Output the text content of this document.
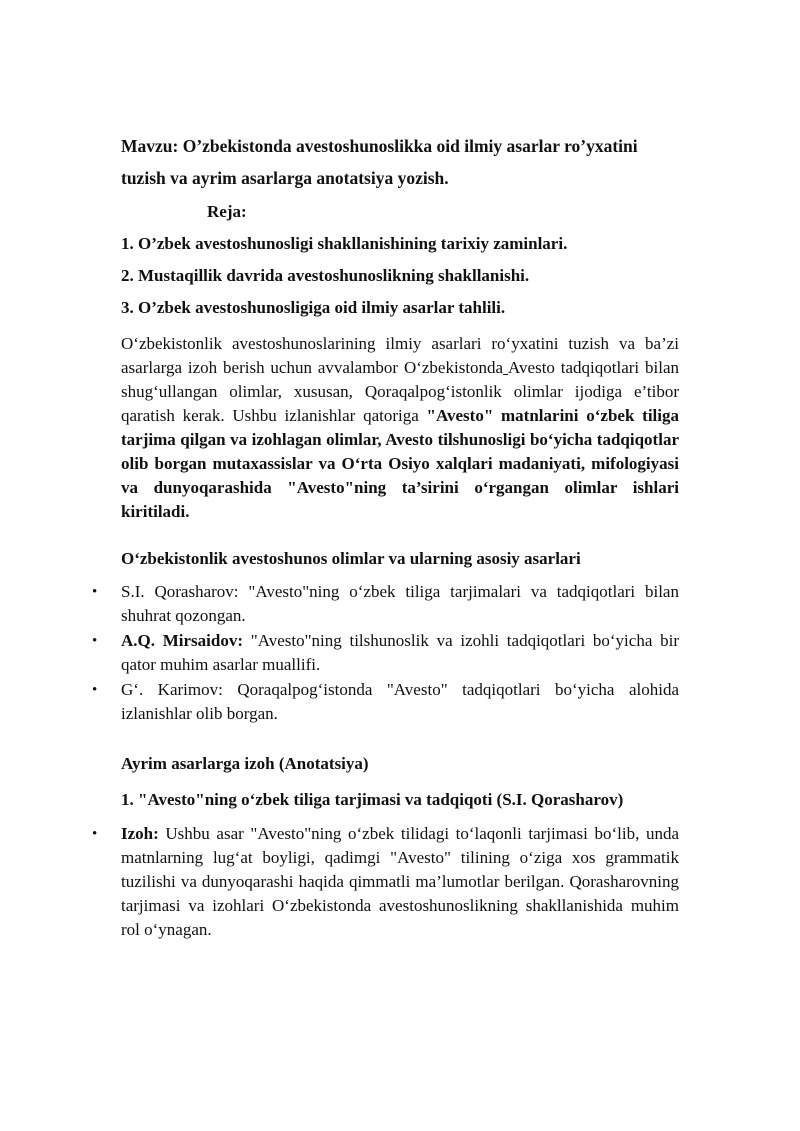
Mavzu: O’zbekistonda avestoshunoslikka oid ilmiy asarlar ro’yxatini
tuzish va ayrim asarlarga anotatsiya yozish.
Reja:
1. O’zbek avestoshunosligi shakllanishining tarixiy zaminlari.
2. Mustaqillik davrida avestoshunoslikning shakllanishi.
3. O’zbek avestoshunosligiga oid ilmiy asarlar tahlili.
O‘zbekistonlik avestoshunoslarining ilmiy asarlari ro‘yxatini tuzish va ba’zi asarlarga izoh berish uchun avvalambor O‘zbekistonda Avesto tadqiqotlari bilan shug‘ullangan olimlar, xususan, Qoraqalpog‘istonlik olimlar ijodiga e’tibor qaratish kerak. Ushbu izlanishlar qatoriga "Avesto" matnlarini o‘zbek tiliga tarjima qilgan va izohlagan olimlar, Avesto tilshunosligi bo‘yicha tadqiqotlar olib borgan mutaxassislar va O‘rta Osiyo xalqlari madaniyati, mifologiyasi va dunyoqarashida "Avesto"ning ta’sirini o‘rgangan olimlar ishlari kiritiladi.
O‘zbekistonlik avestoshunos olimlar va ularning asosiy asarlari
• S.I. Qorasharov: "Avesto"ning o‘zbek tiliga tarjimalari va tadqiqotlari bilan shuhrat qozongan.
• A.Q. Mirsaidov: "Avesto"ning tilshunoslik va izohli tadqiqotlari bo‘yicha bir qator muhim asarlar muallifi.
• G‘. Karimov: Qoraqalpog‘istonda "Avesto" tadqiqotlari bo‘yicha alohida izlanishlar olib borgan.
Ayrim asarlarga izoh (Anotatsiya)
1. "Avesto"ning o‘zbek tiliga tarjimasi va tadqiqoti (S.I. Qorasharov)
• Izoh: Ushbu asar "Avesto"ning o‘zbek tilidagi to‘laqonli tarjimasi bo‘lib, unda matnlarning lug‘at boyligi, qadimgi "Avesto" tilining o‘ziga xos grammatik tuzilishi va dunyoqarashi haqida qimmatli ma’lumotlar berilgan. Qorasharovning tarjimasi va izohlari O‘zbekistonda avestoshunoslikning shakllanishida muhim rol o‘ynagan.
